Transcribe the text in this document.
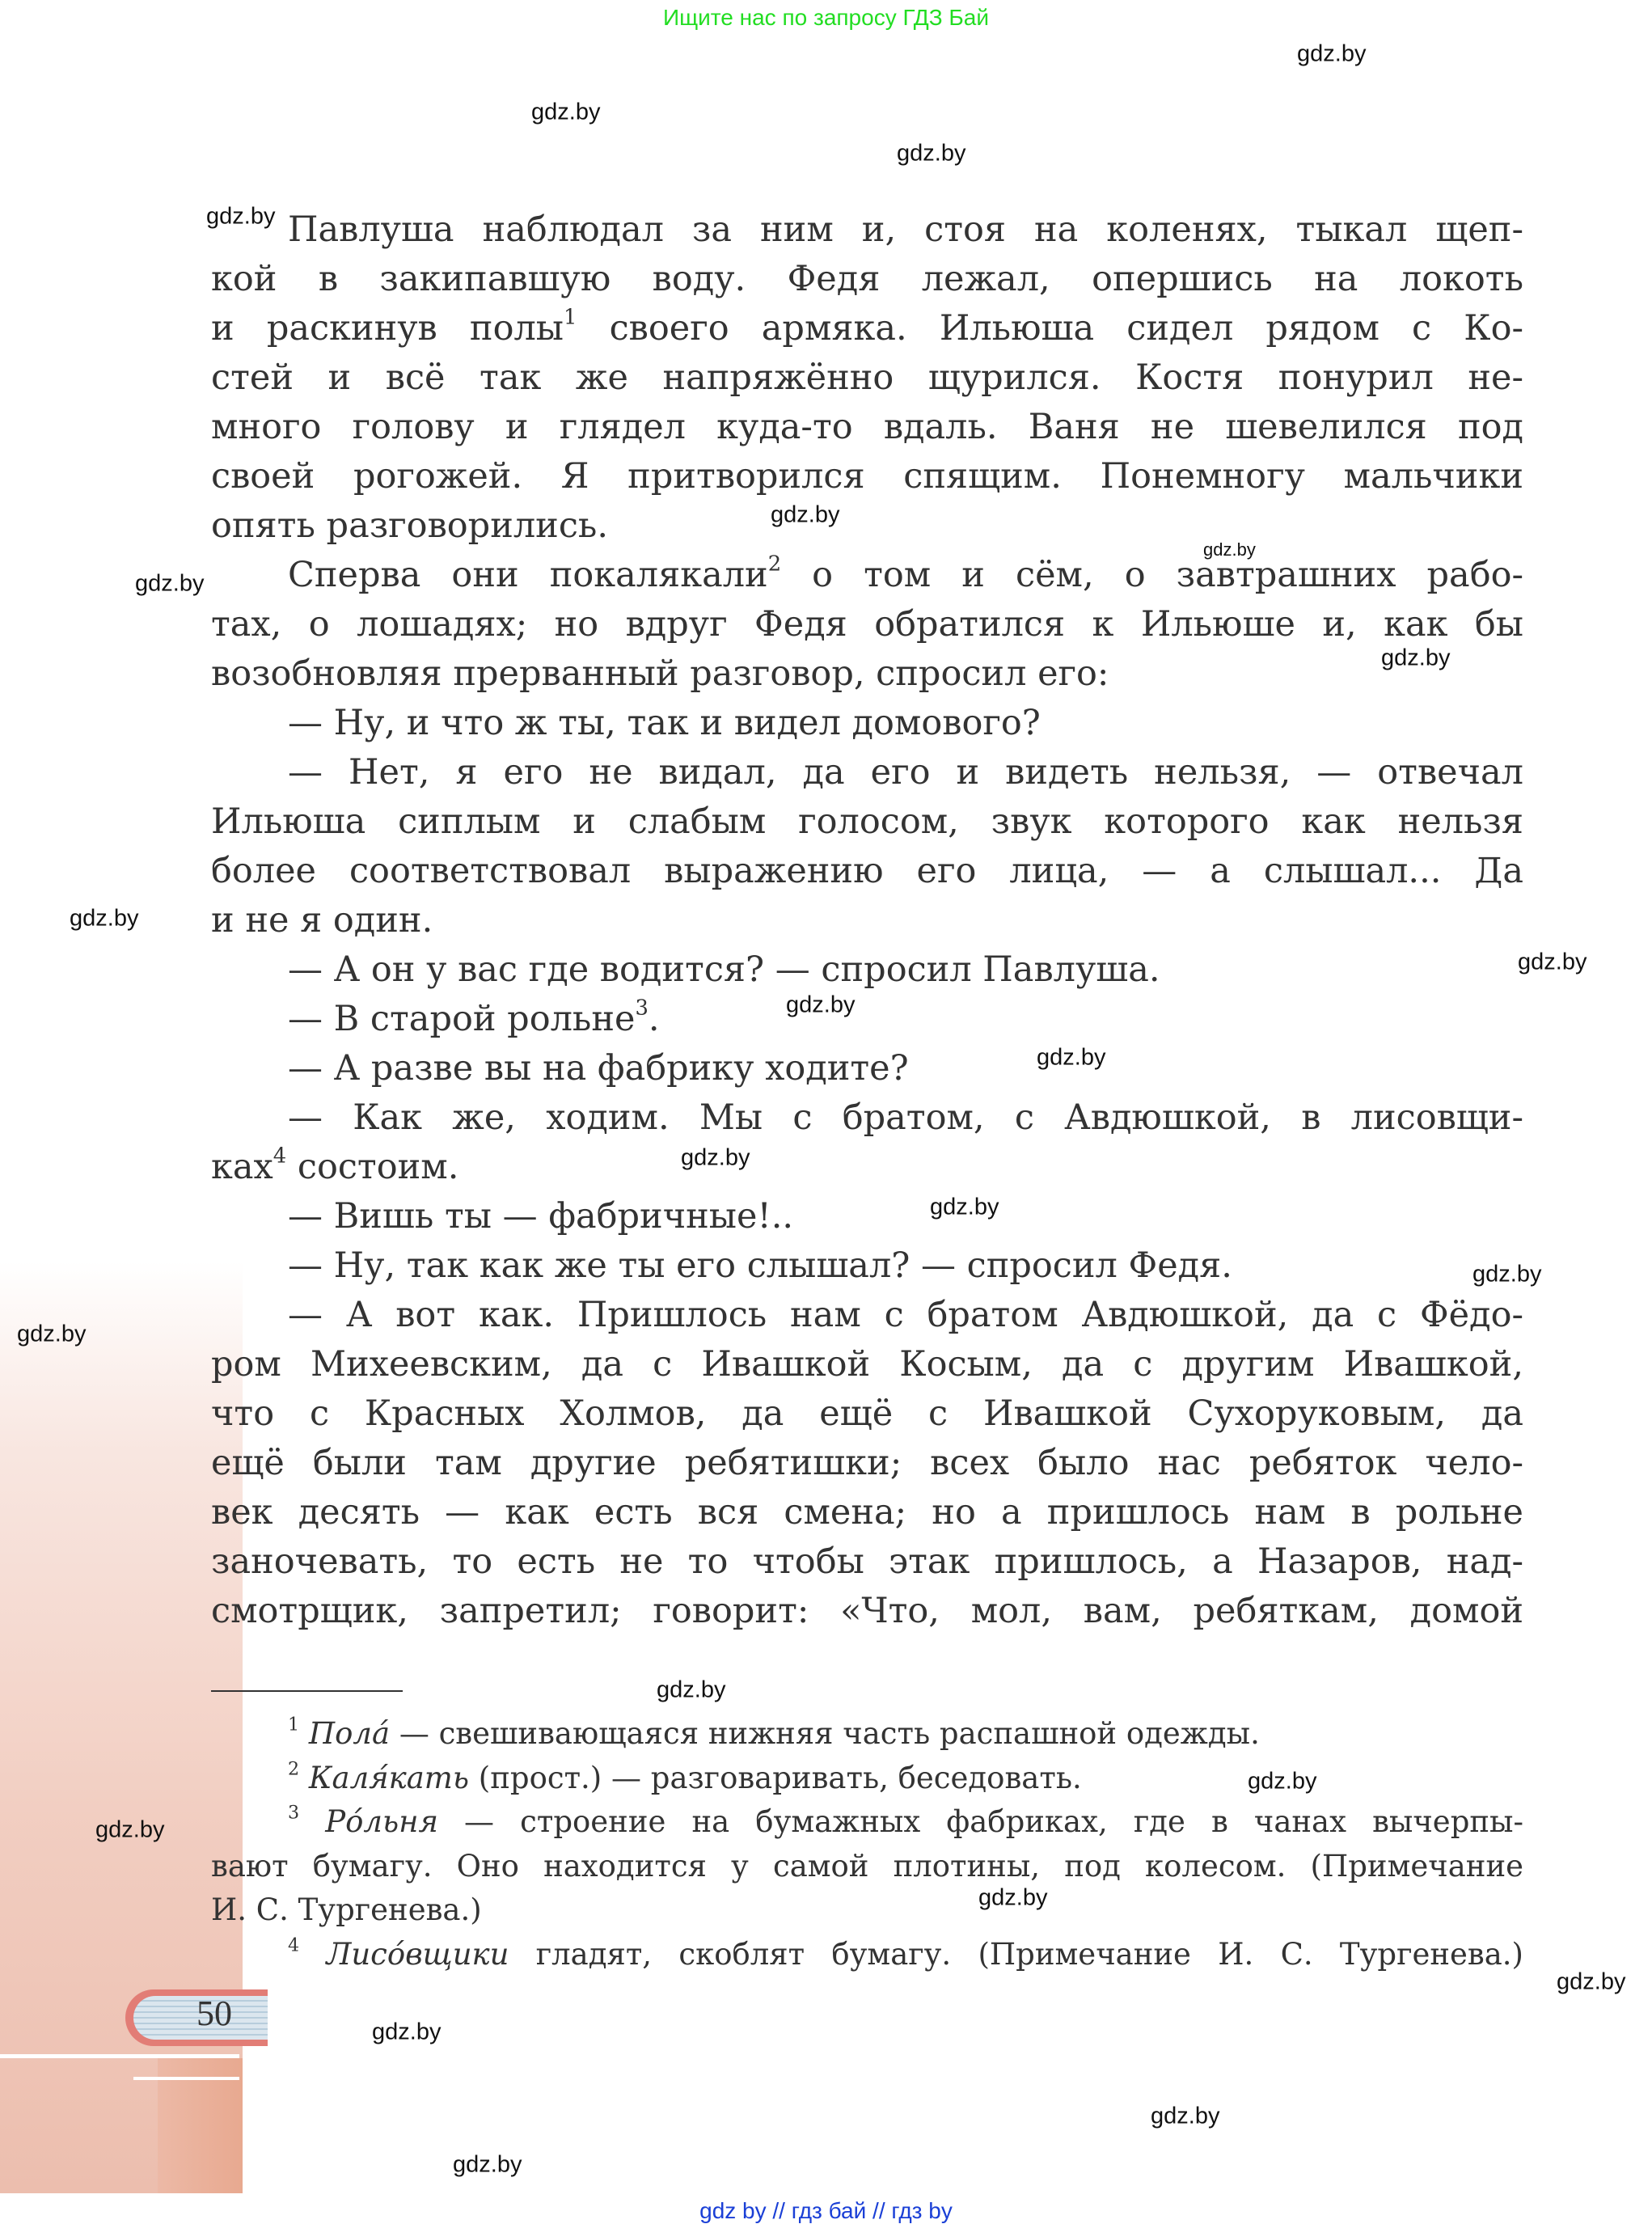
50
Ищите нас по запросу ГДЗ Бай
Павлуша наблюдал за ним и, стоя на коленях, тыкал щеп-
кой в закипавшую воду. Федя лежал, опершись на локоть
и раскинув полы$^1$ своего армяка. Ильюша сидел рядом с Ко-
стей и всё так же напряжённо щурился. Костя понурил не-
много голову и глядел куда-то вдаль. Ваня не шевелился под
своей рогожей. Я притворился спящим. Понемногу мальчики
опять разговорились.
Сперва они покалякали$^2$ о том и сём, о завтрашних рабо-
тах, о лошадях; но вдруг Федя обратился к Ильюше и, как бы
возобновляя прерванный разговор, спросил его:
— Ну, и что ж ты, так и видел домового?
— Нет, я его не видал, да его и видеть нельзя, — отвечал
Ильюша сиплым и слабым голосом, звук которого как нельзя
более соответствовал выражению его лица, — а слышал... Да
и не я один.
— А он у вас где водится? — спросил Павлуша.
— В старой рольне$^3$.
— А разве вы на фабрику ходите?
— Как же, ходим. Мы с братом, с Авдюшкой, в лисовщи-
ках$^4$ состоим.
— Вишь ты — фабричные!..
— Ну, так как же ты его слышал? — спросил Федя.
— А вот как. Пришлось нам с братом Авдюшкой, да с Фёдо-
ром Михеевским, да с Ивашкой Косым, да с другим Ивашкой,
что с Красных Холмов, да ещё с Ивашкой Сухоруковым, да
ещё были там другие ребятишки; всех было нас ребяток чело-
век десять — как есть вся смена; но а пришлось нам в рольне
заночевать, то есть не то чтобы этак пришлось, а Назаров, над-
смотрщик, запретил; говорит: «Что, мол, вам, ребяткам, домой
$^1$ Пола́ — свешивающаяся нижняя часть распашной одежды.
$^2$ Каля́кать (прост.) — разговаривать, беседовать.
$^3$ Ро́льня — строение на бумажных фабриках, где в чанах вычерпы-
вают бумагу. Оно находится у самой плотины, под колесом. (Примечание
И. С. Тургенева.)
$^4$ Лисо́вщики гладят, скоблят бумагу. (Примечание И. С. Тургенева.)
gdz.by
gdz.by
gdz.by
gdz.by
gdz.by
gdz.by
gdz.by
gdz.by
gdz.by
gdz.by
gdz.by
gdz.by
gdz.by
gdz.by
gdz.by
gdz.by
gdz.by
gdz.by
gdz.by
gdz.by
gdz.by
gdz.by
gdz.by
gdz.by
gdz by // гдз бай // гдз by
